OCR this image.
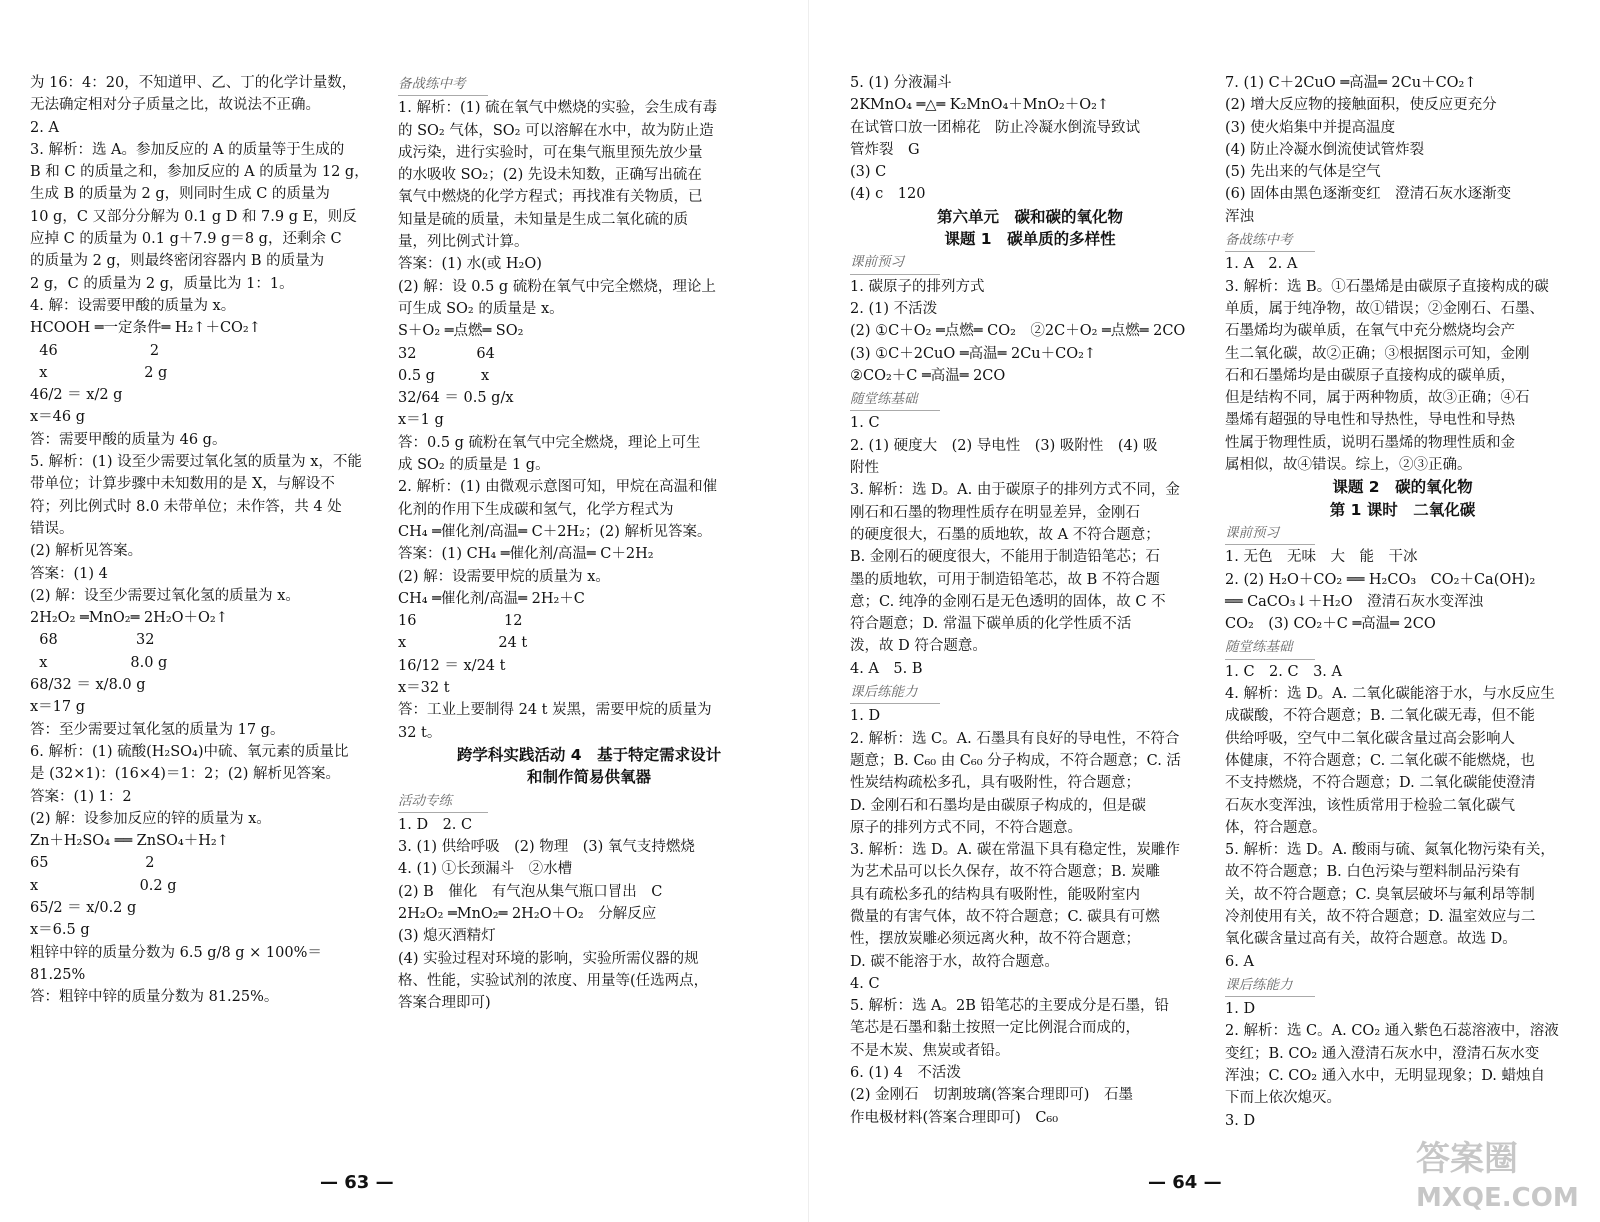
为 16：4：20，不知道甲、乙、丁的化学计量数，
无法确定相对分子质量之比，故说法不正确。
2. A
3. 解析：选 A。参加反应的 A 的质量等于生成的
B 和 C 的质量之和，参加反应的 A 的质量为 12 g，
生成 B 的质量为 2 g，则同时生成 C 的质量为
10 g，C 又部分分解为 0.1 g D 和 7.9 g E，则反
应掉 C 的质量为 0.1 g＋7.9 g＝8 g，还剩余 C
的质量为 2 g，则最终密闭容器内 B 的质量为
2 g，C 的质量为 2 g，质量比为 1：1。
4. 解：设需要甲酸的质量为 x。
HCOOH ═一定条件═ H₂↑＋CO₂↑
46                    2
x                     2 g
46/2 ＝ x/2 g
x＝46 g
答：需要甲酸的质量为 46 g。
5. 解析：(1) 设至少需要过氧化氢的质量为 x，不能
带单位；计算步骤中未知数用的是 X，与解设不
符；列比例式时 8.0 未带单位；未作答，共 4 处
错误。
(2) 解析见答案。
答案：(1) 4
(2) 解：设至少需要过氧化氢的质量为 x。
2H₂O₂ ═MnO₂═ 2H₂O＋O₂↑
68                 32
x                  8.0 g
68/32 ＝ x/8.0 g
x＝17 g
答：至少需要过氧化氢的质量为 17 g。
6. 解析：(1) 硫酸(H₂SO₄)中硫、氧元素的质量比
是 (32×1)：(16×4)＝1：2；(2) 解析见答案。
答案：(1) 1：2
(2) 解：设参加反应的锌的质量为 x。
Zn＋H₂SO₄ ══ ZnSO₄＋H₂↑
65                     2
x                      0.2 g
65/2 ＝ x/0.2 g
x＝6.5 g
粗锌中锌的质量分数为 6.5 g/8 g × 100%＝
81.25%
答：粗锌中锌的质量分数为 81.25%。
备战练中考
1. 解析：(1) 硫在氧气中燃烧的实验，会生成有毒
的 SO₂ 气体，SO₂ 可以溶解在水中，故为防止造
成污染，进行实验时，可在集气瓶里预先放少量
的水吸收 SO₂；(2) 先设未知数，正确写出硫在
氧气中燃烧的化学方程式；再找准有关物质，已
知量是硫的质量，未知量是生成二氧化硫的质
量，列比例式计算。
答案：(1) 水(或 H₂O)
(2) 解：设 0.5 g 硫粉在氧气中完全燃烧，理论上
可生成 SO₂ 的质量是 x。
S＋O₂ ═点燃═ SO₂
32             64
0.5 g          x
32/64 ＝ 0.5 g/x
x＝1 g
答：0.5 g 硫粉在氧气中完全燃烧，理论上可生
成 SO₂ 的质量是 1 g。
2. 解析：(1) 由微观示意图可知，甲烷在高温和催
化剂的作用下生成碳和氢气，化学方程式为
CH₄ ═催化剂/高温═ C＋2H₂；(2) 解析见答案。
答案：(1) CH₄ ═催化剂/高温═ C＋2H₂
(2) 解：设需要甲烷的质量为 x。
CH₄ ═催化剂/高温═ 2H₂＋C
16                   12
x                    24 t
16/12 ＝ x/24 t
x＝32 t
答：工业上要制得 24 t 炭黑，需要甲烷的质量为
32 t。
跨学科实践活动 4　基于特定需求设计
和制作简易供氧器
活动专练
1. D　2. C
3. (1) 供给呼吸　(2) 物理　(3) 氧气支持燃烧
4. (1) ①长颈漏斗　②水槽
(2) B　催化　有气泡从集气瓶口冒出　C
2H₂O₂ ═MnO₂═ 2H₂O＋O₂　分解反应
(3) 熄灭酒精灯
(4) 实验过程对环境的影响，实验所需仪器的规
格、性能，实验试剂的浓度、用量等(任选两点，
答案合理即可)
5. (1) 分液漏斗
2KMnO₄ ═△═ K₂MnO₄＋MnO₂＋O₂↑
在试管口放一团棉花　防止冷凝水倒流导致试
管炸裂　G
(3) C
(4) c　120
第六单元　碳和碳的氧化物
课题 1　碳单质的多样性
课前预习
1. 碳原子的排列方式
2. (1) 不活泼
(2) ①C＋O₂ ═点燃═ CO₂　②2C＋O₂ ═点燃═ 2CO
(3) ①C＋2CuO ═高温═ 2Cu＋CO₂↑
②CO₂＋C ═高温═ 2CO
随堂练基础
1. C
2. (1) 硬度大　(2) 导电性　(3) 吸附性　(4) 吸
附性
3. 解析：选 D。A. 由于碳原子的排列方式不同，金
刚石和石墨的物理性质存在明显差异，金刚石
的硬度很大，石墨的质地软，故 A 不符合题意；
B. 金刚石的硬度很大，不能用于制造铅笔芯；石
墨的质地软，可用于制造铅笔芯，故 B 不符合题
意；C. 纯净的金刚石是无色透明的固体，故 C 不
符合题意；D. 常温下碳单质的化学性质不活
泼，故 D 符合题意。
4. A　5. B
课后练能力
1. D
2. 解析：选 C。A. 石墨具有良好的导电性，不符合
题意；B. C₆₀ 由 C₆₀ 分子构成，不符合题意；C. 活
性炭结构疏松多孔，具有吸附性，符合题意；
D. 金刚石和石墨均是由碳原子构成的，但是碳
原子的排列方式不同，不符合题意。
3. 解析：选 D。A. 碳在常温下具有稳定性，炭雕作
为艺术品可以长久保存，故不符合题意；B. 炭雕
具有疏松多孔的结构具有吸附性，能吸附室内
微量的有害气体，故不符合题意；C. 碳具有可燃
性，摆放炭雕必须远离火种，故不符合题意；
D. 碳不能溶于水，故符合题意。
4. C
5. 解析：选 A。2B 铅笔芯的主要成分是石墨，铅
笔芯是石墨和黏土按照一定比例混合而成的，
不是木炭、焦炭或者铅。
6. (1) 4　不活泼
(2) 金刚石　切割玻璃(答案合理即可)　石墨
作电极材料(答案合理即可)　C₆₀
7. (1) C＋2CuO ═高温═ 2Cu＋CO₂↑
(2) 增大反应物的接触面积，使反应更充分
(3) 使火焰集中并提高温度
(4) 防止冷凝水倒流使试管炸裂
(5) 先出来的气体是空气
(6) 固体由黑色逐渐变红　澄清石灰水逐渐变
浑浊
备战练中考
1. A　2. A
3. 解析：选 B。①石墨烯是由碳原子直接构成的碳
单质，属于纯净物，故①错误；②金刚石、石墨、
石墨烯均为碳单质，在氧气中充分燃烧均会产
生二氧化碳，故②正确；③根据图示可知，金刚
石和石墨烯均是由碳原子直接构成的碳单质，
但是结构不同，属于两种物质，故③正确；④石
墨烯有超强的导电性和导热性，导电性和导热
性属于物理性质，说明石墨烯的物理性质和金
属相似，故④错误。综上，②③正确。
课题 2　碳的氧化物
第 1 课时　二氧化碳
课前预习
1. 无色　无味　大　能　干冰
2. (2) H₂O＋CO₂ ══ H₂CO₃　CO₂＋Ca(OH)₂
══ CaCO₃↓＋H₂O　澄清石灰水变浑浊
CO₂　(3) CO₂＋C ═高温═ 2CO
随堂练基础
1. C　2. C　3. A
4. 解析：选 D。A. 二氧化碳能溶于水，与水反应生
成碳酸，不符合题意；B. 二氧化碳无毒，但不能
供给呼吸，空气中二氧化碳含量过高会影响人
体健康，不符合题意；C. 二氧化碳不能燃烧，也
不支持燃烧，不符合题意；D. 二氧化碳能使澄清
石灰水变浑浊，该性质常用于检验二氧化碳气
体，符合题意。
5. 解析：选 D。A. 酸雨与硫、氮氧化物污染有关，
故不符合题意；B. 白色污染与塑料制品污染有
关，故不符合题意；C. 臭氧层破坏与氟利昂等制
冷剂使用有关，故不符合题意；D. 温室效应与二
氧化碳含量过高有关，故符合题意。故选 D。
6. A
课后练能力
1. D
2. 解析：选 C。A. CO₂ 通入紫色石蕊溶液中，溶液
变红；B. CO₂ 通入澄清石灰水中，澄清石灰水变
浑浊；C. CO₂ 通入水中，无明显现象；D. 蜡烛自
下而上依次熄灭。
3. D
— 63 —	— 64 —
答案圈
MXQE.COM
